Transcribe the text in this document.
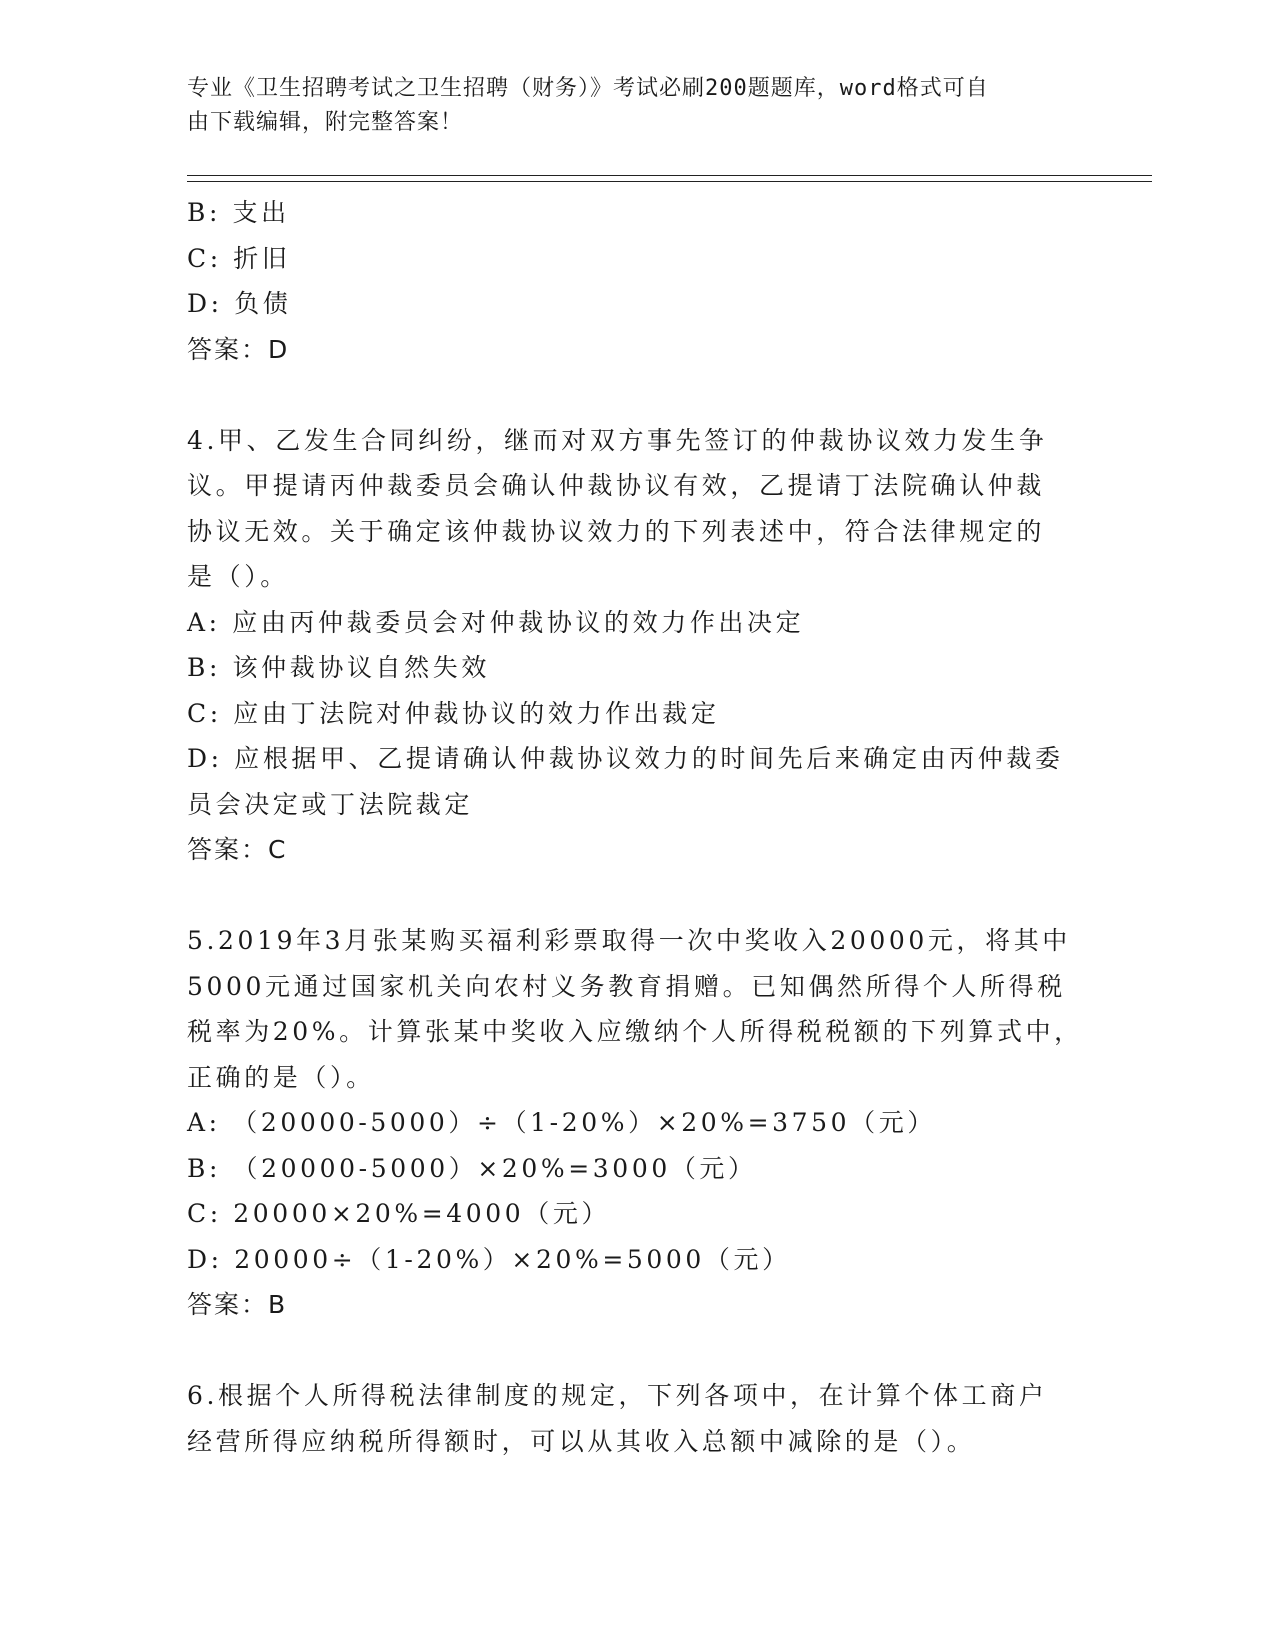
专业《卫生招聘考试之卫生招聘（财务）》考试必刷200题题库，word格式可自
由下载编辑，附完整答案！
B: 支出
C: 折旧
D: 负债
答案：D
4.甲、乙发生合同纠纷，继而对双方事先签订的仲裁协议效力发生争
议。甲提请丙仲裁委员会确认仲裁协议有效，乙提请丁法院确认仲裁
协议无效。关于确定该仲裁协议效力的下列表述中，符合法律规定的
是（）。
A: 应由丙仲裁委员会对仲裁协议的效力作出决定
B: 该仲裁协议自然失效
C: 应由丁法院对仲裁协议的效力作出裁定
D: 应根据甲、乙提请确认仲裁协议效力的时间先后来确定由丙仲裁委
员会决定或丁法院裁定
答案：C
5.2019年3月张某购买福利彩票取得一次中奖收入20000元，将其中
5000元通过国家机关向农村义务教育捐赠。已知偶然所得个人所得税
税率为20%。计算张某中奖收入应缴纳个人所得税税额的下列算式中，
正确的是（）。
A: （20000-5000）÷（1-20%）×20%=3750（元）
B: （20000-5000）×20%=3000（元）
C: 20000×20%=4000（元）
D: 20000÷（1-20%）×20%=5000（元）
答案：B
6.根据个人所得税法律制度的规定，下列各项中，在计算个体工商户
经营所得应纳税所得额时，可以从其收入总额中减除的是（）。
